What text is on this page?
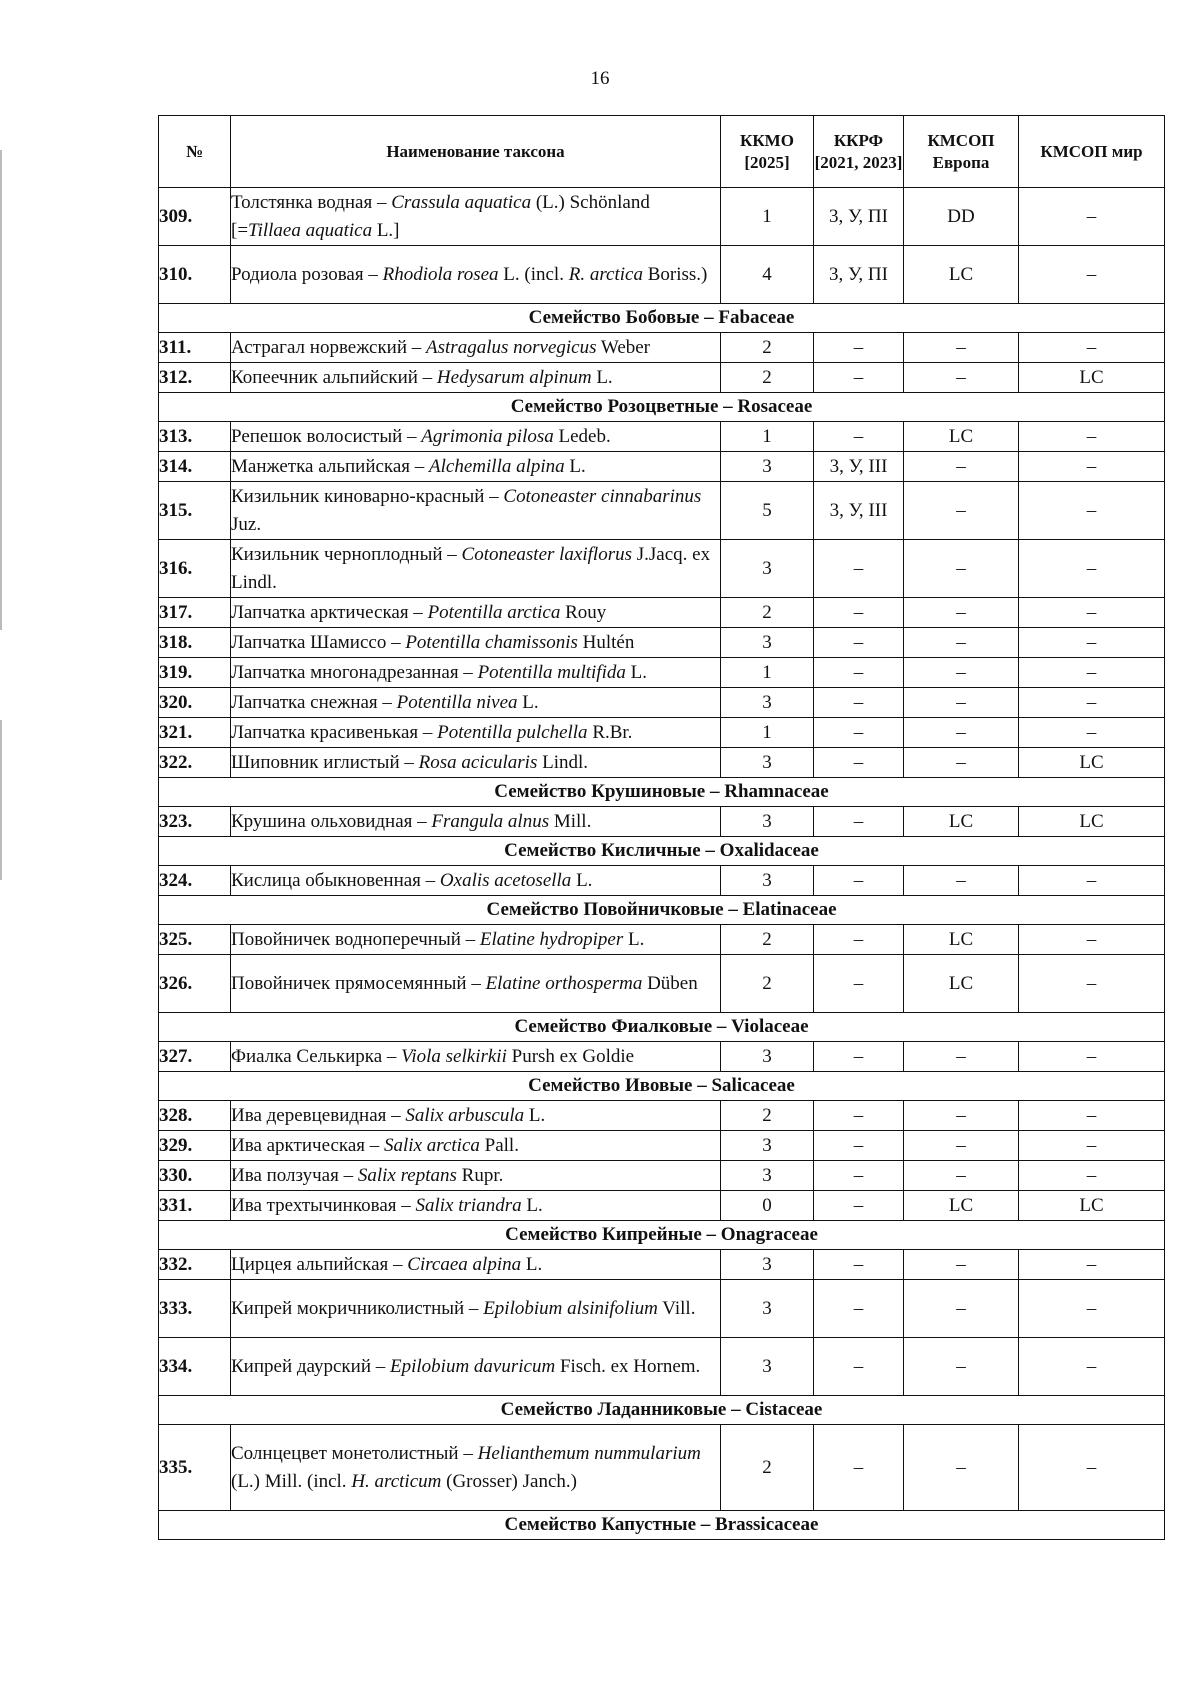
16
№	Наименование таксона	ККМО [2025]	ККРФ [2021, 2023]	КМСОП Европа	КМСОП мир
309.	Толстянка водная – Crassula aquatica (L.) Schönland [=Tillaea aquatica L.]	1	3, У, ПI	DD	–
310.	Родиола розовая – Rhodiola rosea L. (incl. R. arctica Boriss.)	4	3, У, ПI	LC	–
Семейство Бобовые – Fabaceae					
311.	Астрагал норвежский – Astragalus norvegicus Weber	2	–	–	–
312.	Копеечник альпийский – Hedysarum alpinum L.	2	–	–	LC
Семейство Розоцветные – Rosaceae					
313.	Репешок волосистый – Agrimonia pilosa Ledeb.	1	–	LC	–
314.	Манжетка альпийская – Alchemilla alpina L.	3	3, У, III	–	–
315.	Кизильник киноварно-красный – Cotoneaster cinnabarinus Juz.	5	3, У, III	–	–
316.	Кизильник черноплодный – Cotoneaster laxiflorus J.Jacq. ex Lindl.	3	–	–	–
317.	Лапчатка арктическая – Potentilla arctica Rouy	2	–	–	–
318.	Лапчатка Шамиссо – Potentilla chamissonis Hultén	3	–	–	–
319.	Лапчатка многонадрезанная – Potentilla multifida L.	1	–	–	–
320.	Лапчатка снежная – Potentilla nivea L.	3	–	–	–
321.	Лапчатка красивенькая – Potentilla pulchella R.Br.	1	–	–	–
322.	Шиповник иглистый – Rosa acicularis Lindl.	3	–	–	LC
Семейство Крушиновые – Rhamnaceae					
323.	Крушина ольховидная – Frangula alnus Mill.	3	–	LC	LC
Семейство Кисличные – Oxalidaceae					
324.	Кислица обыкновенная – Oxalis acetosella L.	3	–	–	–
Семейство Повойничковые – Elatinaceae					
325.	Повойничек водноперечный – Elatine hydropiper L.	2	–	LC	–
326.	Повойничек прямосемянный – Elatine orthosperma Düben	2	–	LC	–
Семейство Фиалковые – Violaceae					
327.	Фиалка Селькирка – Viola selkirkii Pursh ex Goldie	3	–	–	–
Семейство Ивовые – Salicaceae					
328.	Ива деревцевидная – Salix arbuscula L.	2	–	–	–
329.	Ива арктическая – Salix arctica Pall.	3	–	–	–
330.	Ива ползучая – Salix reptans Rupr.	3	–	–	–
331.	Ива трехтычинковая – Salix triandra L.	0	–	LC	LC
Семейство Кипрейные – Onagraceae					
332.	Цирцея альпийская – Circaea alpina L.	3	–	–	–
333.	Кипрей мокричниколистный – Epilobium alsinifolium Vill.	3	–	–	–
334.	Кипрей даурский – Epilobium davuricum Fisch. ex Hornem.	3	–	–	–
Семейство Ладанниковые – Cistaceae					
335.	Солнцецвет монетолистный – Helianthemum nummularium (L.) Mill. (incl. H. arcticum (Grosser) Janch.)	2	–	–	–
Семейство Капустные – Brassicaceae					
